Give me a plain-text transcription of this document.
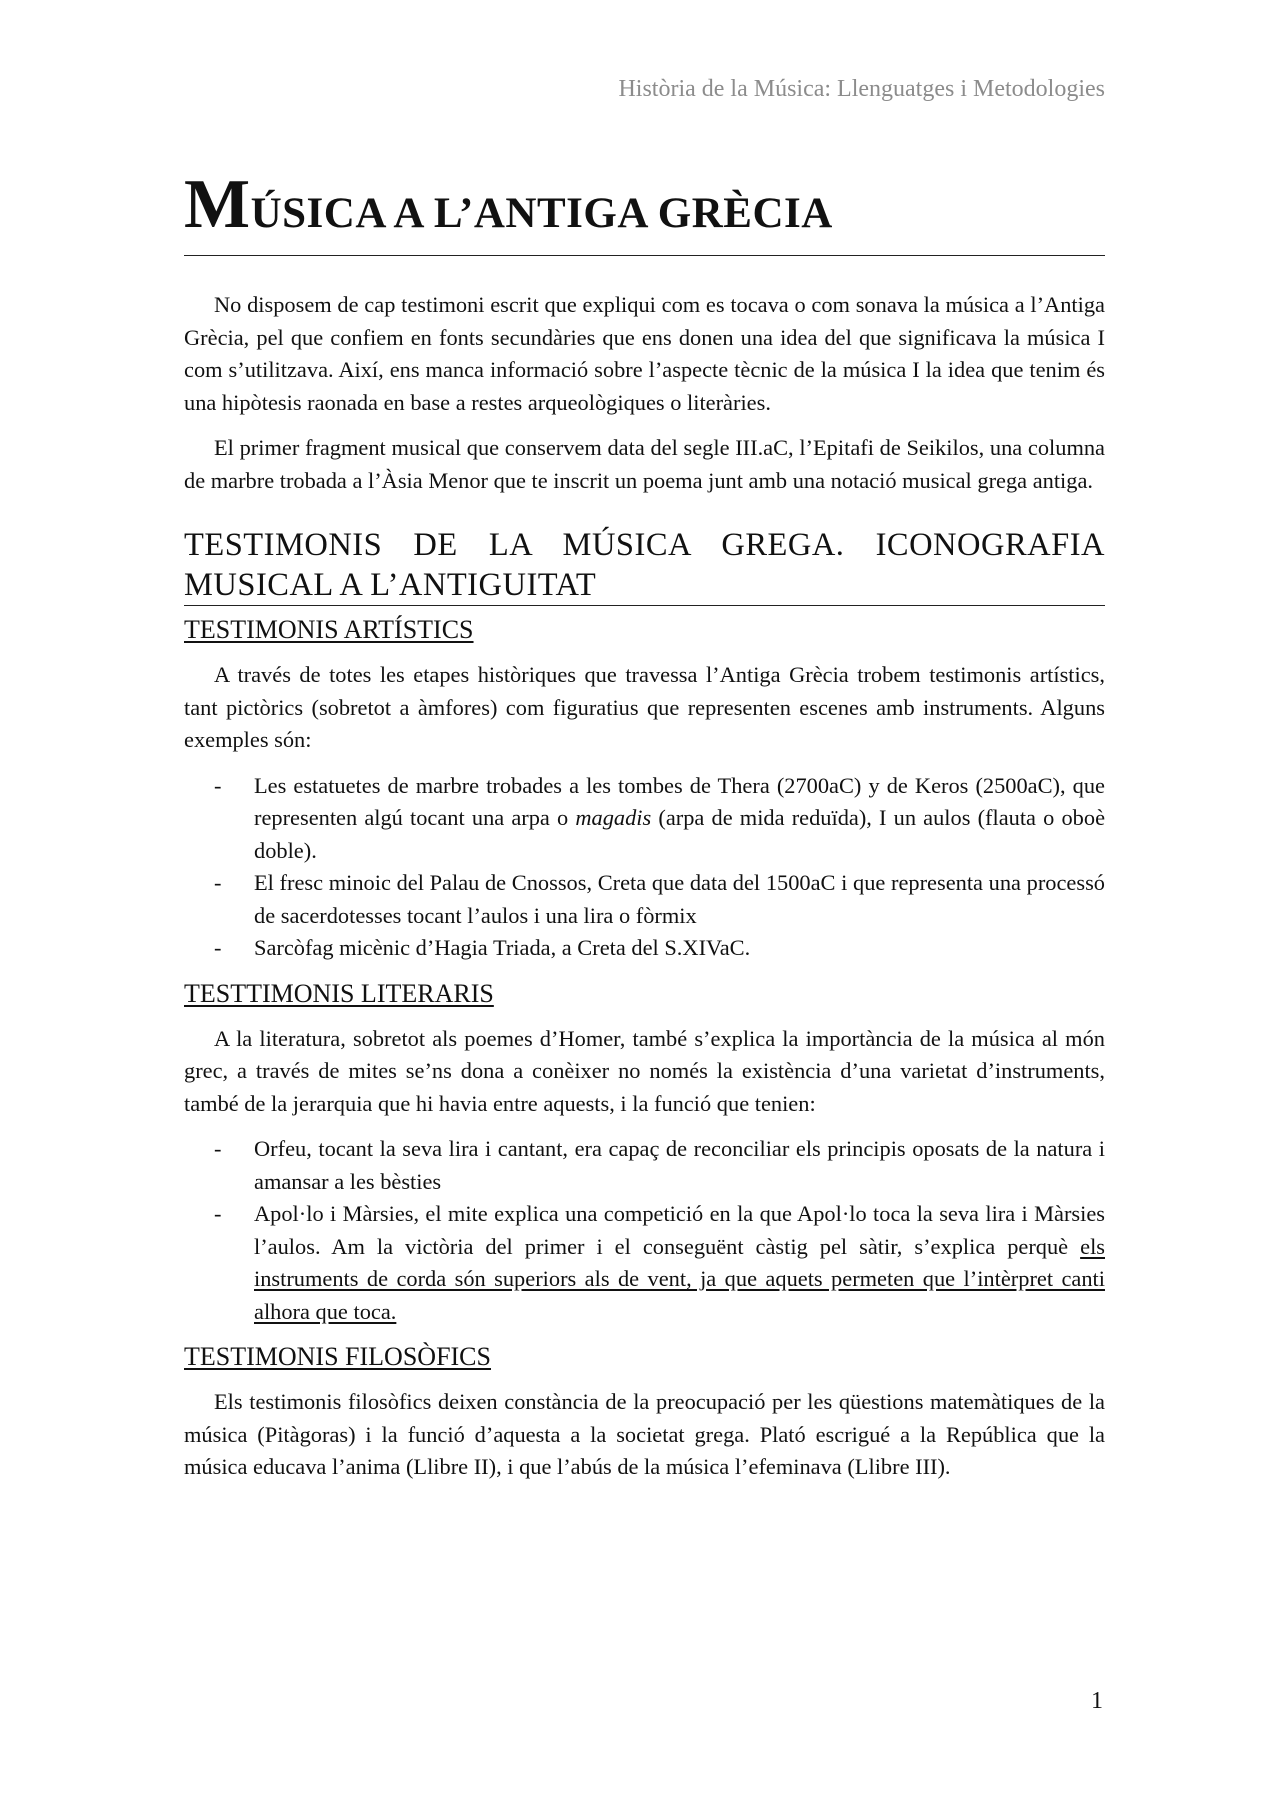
Història de la Música: Llenguatges i Metodologies
MÚSICA A L’ANTIGA GRÈCIA

No disposem de cap testimoni escrit que expliqui com es tocava o com sonava la música a l’Antiga Grècia, pel que confiem en fonts secundàries que ens donen una idea del que significava la música I com s’utilitzava. Així, ens manca informació sobre l’aspecte tècnic de la música I la idea que tenim és una hipòtesis raonada en base a restes arqueològiques o literàries.

El primer fragment musical que conservem data del segle III.aC, l’Epitafi de Seikilos, una columna de marbre trobada a l’Àsia Menor que te inscrit un poema junt amb una notació musical grega antiga.

TESTIMONIS DE LA MÚSICA GREGA. ICONOGRAFIA MUSICAL A L’ANTIGUITAT
TESTIMONIS ARTÍSTICS

A través de totes les etapes històriques que travessa l’Antiga Grècia trobem testimonis artístics, tant pictòrics (sobretot a àmfores) com figuratius que representen escenes amb instruments. Alguns exemples són:

- Les estatuetes de marbre trobades a les tombes de Thera (2700aC) y de Keros (2500aC), que representen algú tocant una arpa o magadis (arpa de mida reduïda), I un aulos (flauta o oboè doble).
- El fresc minoic del Palau de Cnossos, Creta que data del 1500aC i que representa una processó de sacerdotesses tocant l’aulos i una lira o fòrmix
- Sarcòfag micènic d’Hagia Triada, a Creta del S.XIVaC.
TESTTIMONIS LITERARIS

A la literatura, sobretot als poemes d’Homer, també s’explica la importància de la música al món grec, a través de mites se’ns dona a conèixer no només la existència d’una varietat d’instruments, també de la jerarquia que hi havia entre aquests, i la funció que tenien:

- Orfeu, tocant la seva lira i cantant, era capaç de reconciliar els principis oposats de la natura i amansar a les bèsties
- Apol·lo i Màrsies, el mite explica una competició en la que Apol·lo toca la seva lira i Màrsies l’aulos. Am la victòria del primer i el conseguënt càstig pel sàtir, s’explica perquè els instruments de corda són superiors als de vent, ja que aquets permeten que l’intèrpret canti alhora que toca.
TESTIMONIS FILOSÒFICS

Els testimonis filosòfics deixen constància de la preocupació per les qüestions matemàtiques de la música (Pitàgoras) i la funció d’aquesta a la societat grega. Plató escrigué a la República que la música educava l’anima (Llibre II), i que l’abús de la música l’efeminava (Llibre III).

1
